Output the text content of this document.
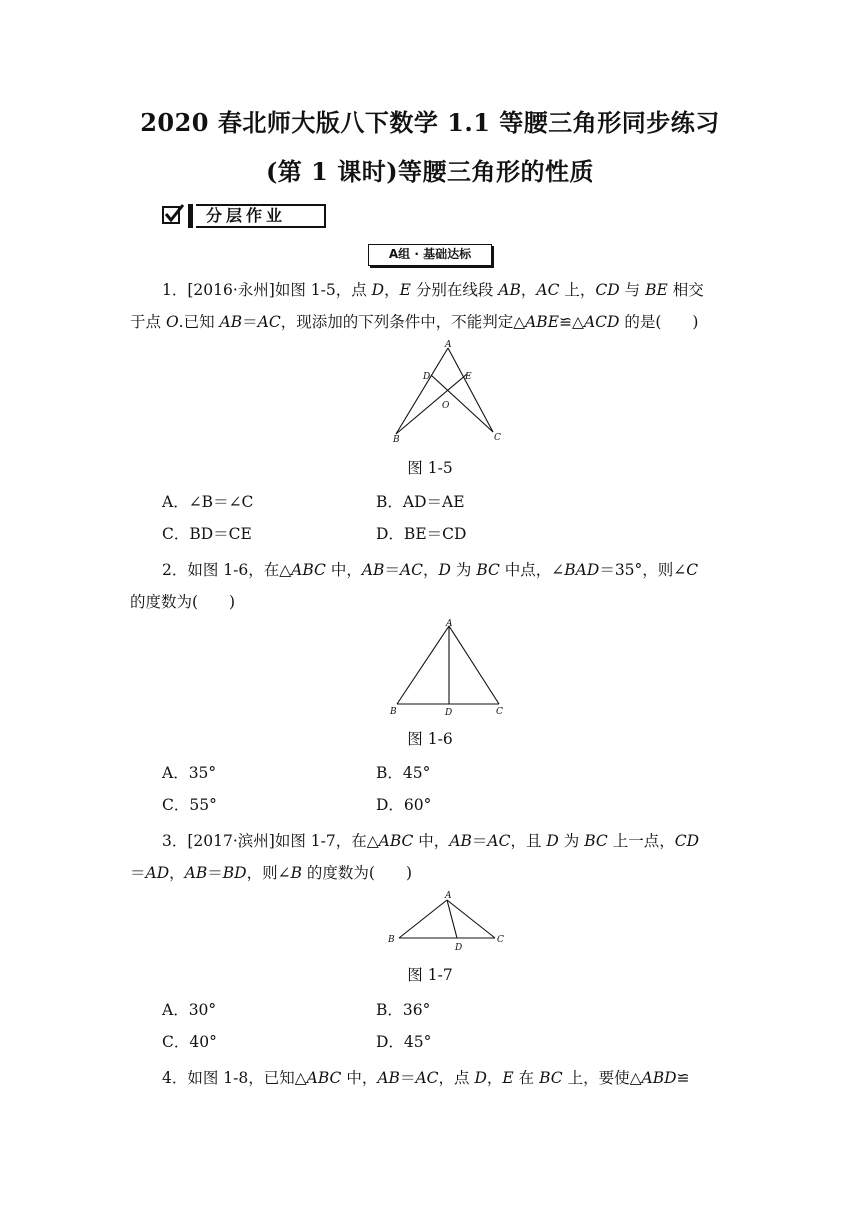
2020 春北师大版八下数学 1.1 等腰三角形同步练习
(第 1 课时)等腰三角形的性质
分层作业
A组 · 基础达标
1．[2016·永州]如图 1-5，点 D，E 分别在线段 AB，AC 上，CD 与 BE 相交
于点 O.已知 AB＝AC，现添加的下列条件中，不能判定△ABE≌△ACD 的是(　　)
A
D	E
O
B	C
图 1-5
A．∠B＝∠C	B．AD＝AE
C．BD＝CE	D．BE＝CD
2．如图 1-6，在△ABC 中，AB＝AC，D 为 BC 中点，∠BAD＝35°，则∠C
的度数为(　　)
A
B	D	C
图 1-6
A．35°	B．45°
C．55°	D．60°
3．[2017·滨州]如图 1-7，在△ABC 中，AB＝AC，且 D 为 BC 上一点，CD
＝AD，AB＝BD，则∠B 的度数为(　　)
A
B
D
C
图 1-7
A．30°	B．36°
C．40°	D．45°
4．如图 1-8，已知△ABC 中，AB＝AC，点 D，E 在 BC 上，要使△ABD≌
